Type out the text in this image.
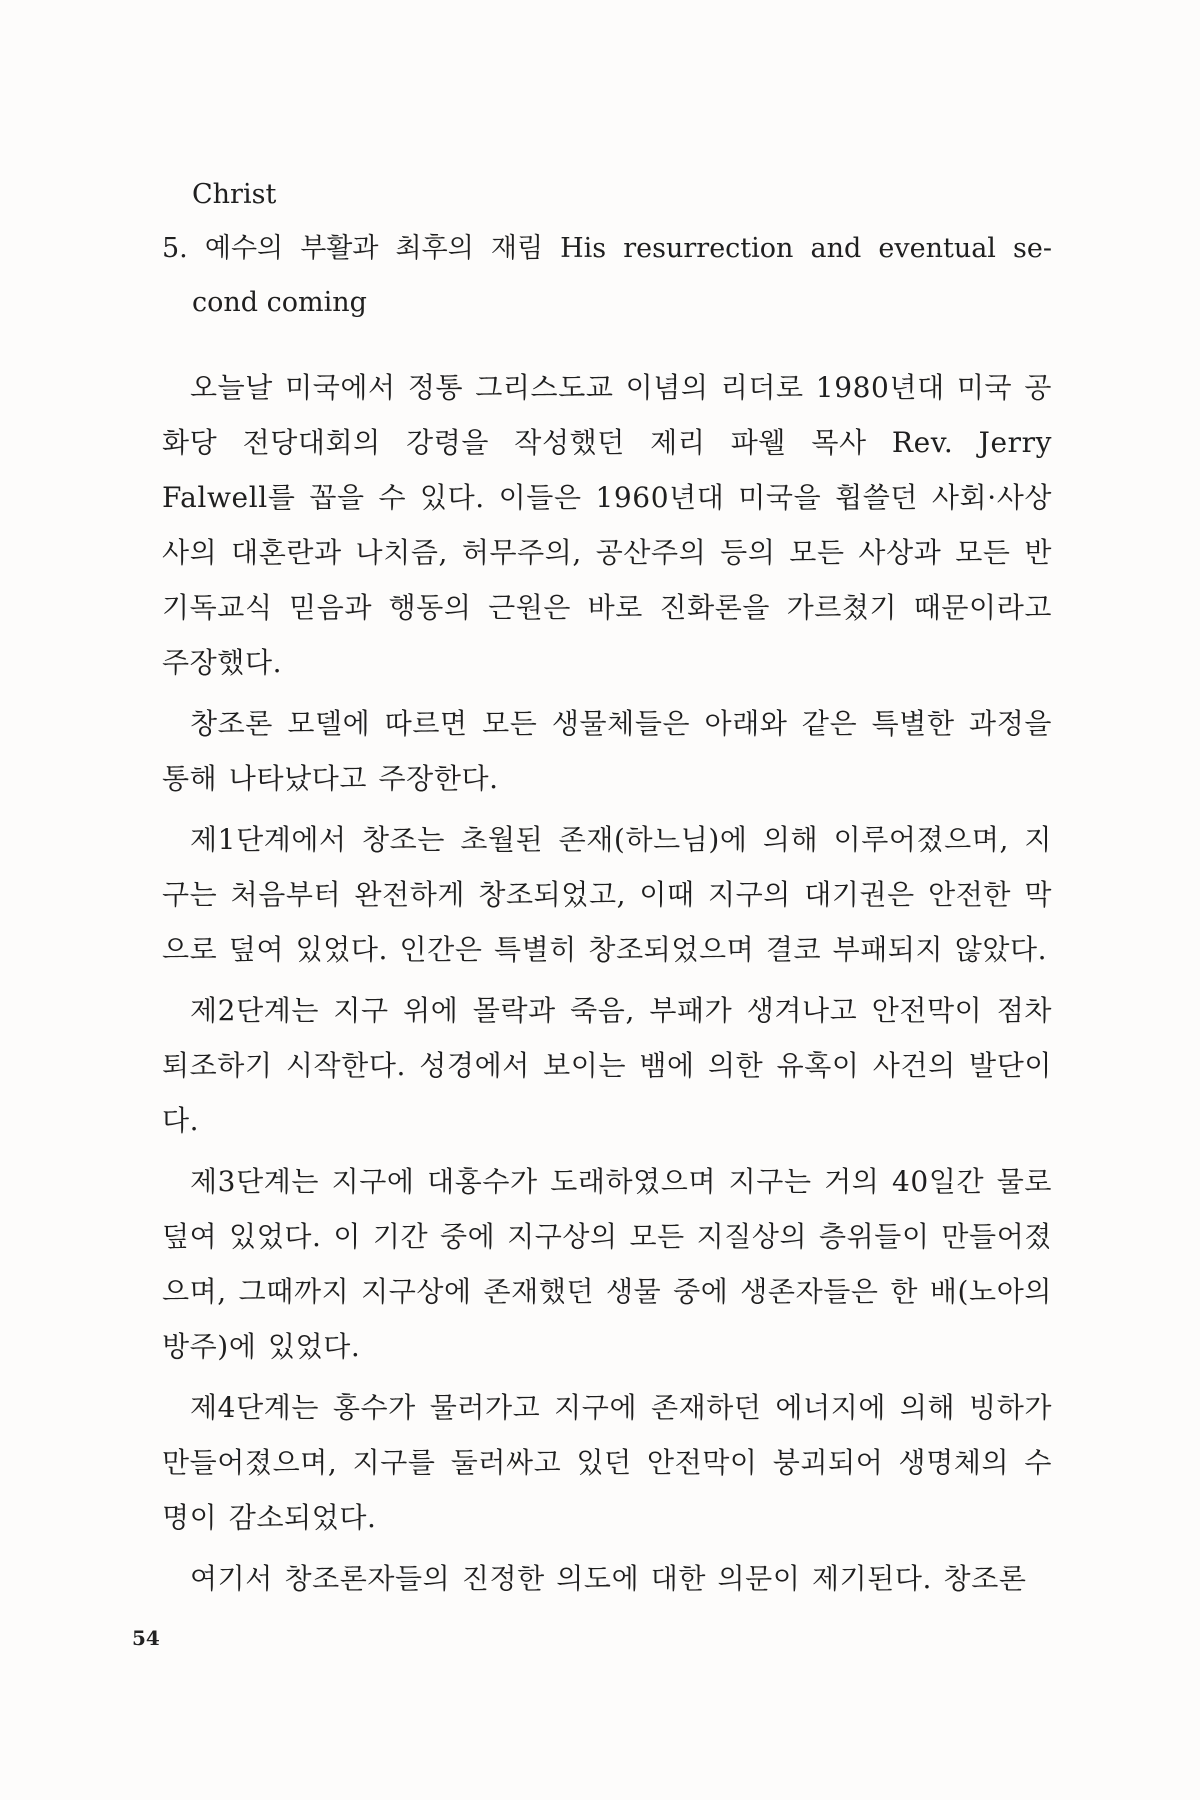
Christ
5. 예수의 부활과 최후의 재림 His resurrection and eventual se-
cond coming

오늘날 미국에서 정통 그리스도교 이념의 리더로 1980년대 미국 공화당 전당대회의 강령을 작성했던 제리 파웰 목사 Rev. Jerry Falwell를 꼽을 수 있다. 이들은 1960년대 미국을 휩쓸던 사회·사상사의 대혼란과 나치즘, 허무주의, 공산주의 등의 모든 사상과 모든 반기독교식 믿음과 행동의 근원은 바로 진화론을 가르쳤기 때문이라고 주장했다.

창조론 모델에 따르면 모든 생물체들은 아래와 같은 특별한 과정을 통해 나타났다고 주장한다.

제1단계에서 창조는 초월된 존재(하느님)에 의해 이루어졌으며, 지구는 처음부터 완전하게 창조되었고, 이때 지구의 대기권은 안전한 막으로 덮여 있었다. 인간은 특별히 창조되었으며 결코 부패되지 않았다.

제2단계는 지구 위에 몰락과 죽음, 부패가 생겨나고 안전막이 점차 퇴조하기 시작한다. 성경에서 보이는 뱀에 의한 유혹이 사건의 발단이다.

제3단계는 지구에 대홍수가 도래하였으며 지구는 거의 40일간 물로 덮여 있었다. 이 기간 중에 지구상의 모든 지질상의 층위들이 만들어졌으며, 그때까지 지구상에 존재했던 생물 중에 생존자들은 한 배(노아의 방주)에 있었다.

제4단계는 홍수가 물러가고 지구에 존재하던 에너지에 의해 빙하가 만들어졌으며, 지구를 둘러싸고 있던 안전막이 붕괴되어 생명체의 수명이 감소되었다.

여기서 창조론자들의 진정한 의도에 대한 의문이 제기된다. 창조론

54
